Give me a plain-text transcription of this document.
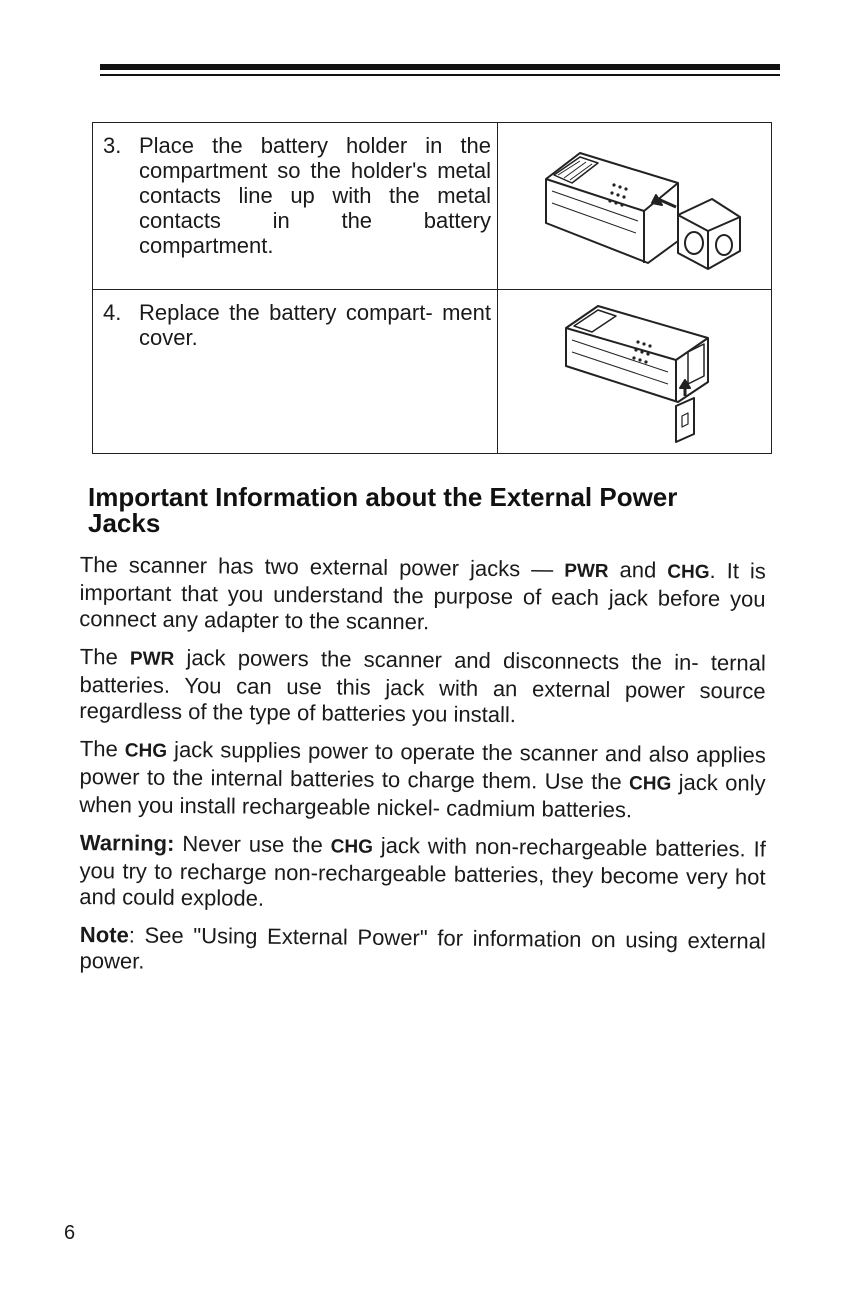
3. Place the battery holder in the compartment so the holder's metal contacts line up with the metal contacts in the battery compartment.
4. Replace the battery compart- ment cover.
Important Information about the External Power Jacks

The scanner has two external power jacks — PWR and CHG. It is important that you understand the purpose of each jack before you connect any adapter to the scanner.

The PWR jack powers the scanner and disconnects the in- ternal batteries. You can use this jack with an external power source regardless of the type of batteries you install.

The CHG jack supplies power to operate the scanner and also applies power to the internal batteries to charge them. Use the CHG jack only when you install rechargeable nickel- cadmium batteries.

Warning: Never use the CHG jack with non-rechargeable batteries. If you try to recharge non-rechargeable batteries, they become very hot and could explode.

Note: See "Using External Power" for information on using external power.

6
